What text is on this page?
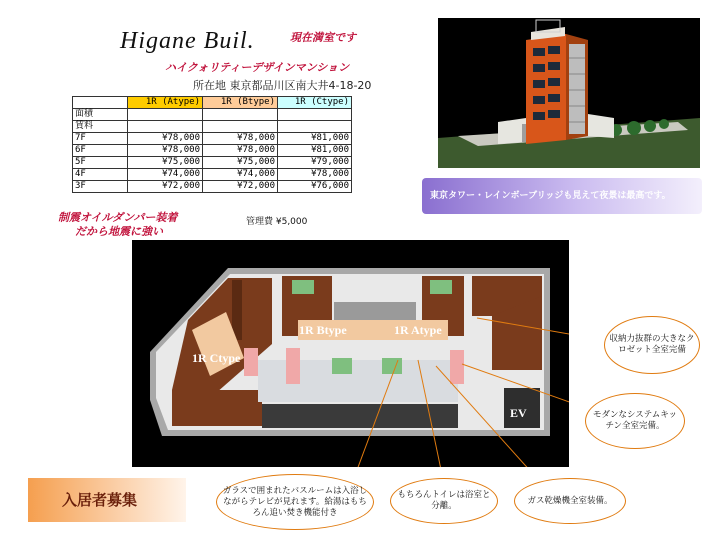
Higane Buil.	現在満室です
ハイクォリティーデザインマンション
所在地 東京都品川区南大井4-18-20
	1R (Atype)	1R (Btype)	1R (Ctype)
面積			
賃料			
7F	¥78,000	¥78,000	¥81,000
6F	¥78,000	¥78,000	¥81,000
5F	¥75,000	¥75,000	¥79,000
4F	¥74,000	¥74,000	¥78,000
3F	¥72,000	¥72,000	¥76,000
制震オイルダンパー装着
だから地震に強い
管理費 ¥5,000
東京タワー・レインボーブリッジも見えて夜景は最高です。
1R Btype	1R Atype
1R Ctype
EV
収納力抜群の大きなクロゼット全室完備
モダンなシステムキッチン全室完備。
ガラスで囲まれたバスルームは入浴しながらテレビが見れます。給湯はもちろん追い焚き機能付き
もちろんトイレは浴室と分離。
ガス乾燥機全室装備。
入居者募集
